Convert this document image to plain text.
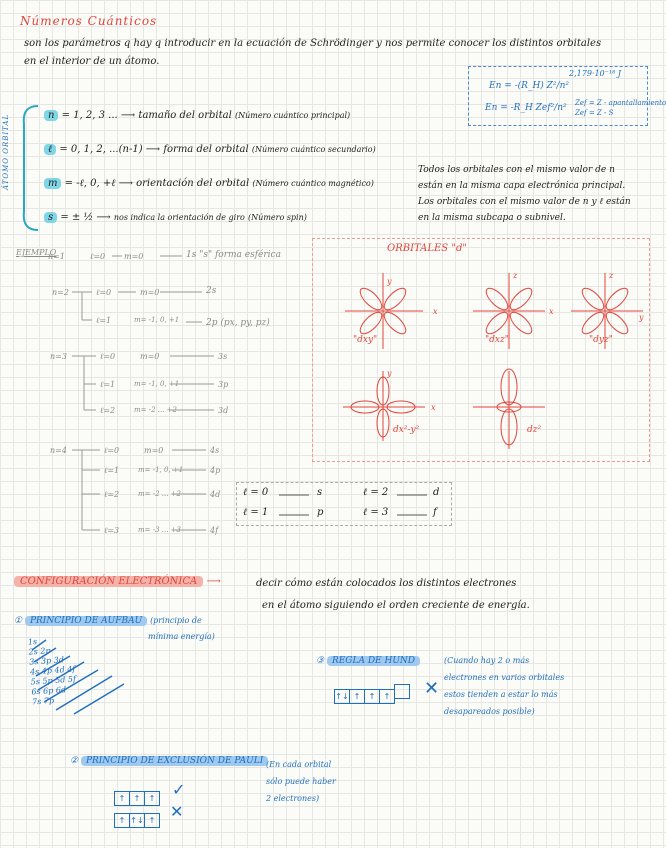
Números Cuánticos
son los parámetros q hay q introducir en la ecuación de Schrödinger y nos permite conocer los distintos orbitales
en el interior de un átomo.
En = -(R_H) Z²/n²
2,179·10⁻¹⁸ J
En = -R_H Zef²/n² Zef = Z - apantallamiento
Zef = Z - S
ÁTOMO ORBITAL	n = 1, 2, 3 ... ⟶ tamaño del orbital (Número cuántico principal)
ℓ = 0, 1, 2, ...(n-1) ⟶ forma del orbital (Número cuántico secundario)
m = -ℓ, 0, +ℓ ⟶ orientación del orbital (Número cuántico magnético)
s = ± ½ ⟶ nos indica la orientación de giro (Número spin)
Todos los orbitales con el mismo valor de n
están en la misma capa electrónica principal.
Los orbitales con el mismo valor de n y ℓ están
en la misma subcapa o subnivel.
EJEMPLO
n=1	ℓ=0 m=0	1s "s" forma esférica
n=2	ℓ=0	m=0	2s
ℓ=1	m= -1, 0, +1	2p (px, py, pz)
n=3	ℓ=0	m=0	3s
ℓ=1	m= -1, 0, +1	3p
ℓ=2	m= -2 ... +2	3d
n=4	ℓ=0	m=0	4s
ℓ=1	m= -1, 0, +1	4p
ℓ=2	m= -2 ... +2	4d
ℓ=3	m= -3 ... +3	4f
ℓ = 0	s
ℓ = 1	p
ℓ = 2	d
ℓ = 3	f
ORBITALES "d"
"dxy"	"dxz"	"dyz"
dx²-y²	dz²
x
y
z
x
z
y
x
y
CONFIGURACIÓN ELECTRÓNICA ⟶	decir cómo están colocados los distintos electrones
en el átomo siguiendo el orden creciente de energía.
① PRINCIPIO DE AUFBAU (principio de
mínima energía)
1s
2s 2p
3s 3p 3d
4s 4p 4d 4f
5s 5p 5d 5f
6s 6p 6d
7s 7p
③ REGLA DE HUND
↑↓ ↑ ↑ ↑	✕
(Cuando hay 2 o más
electrones en varios orbitales
estos tienden a estar lo más
desapareados posible)
② PRINCIPIO DE EXCLUSIÓN DE PAULI (En cada orbital
sólo puede haber
2 electrones)
↑ ↑ ↑ ✓
↑ ↑↓ ↑ ✕
